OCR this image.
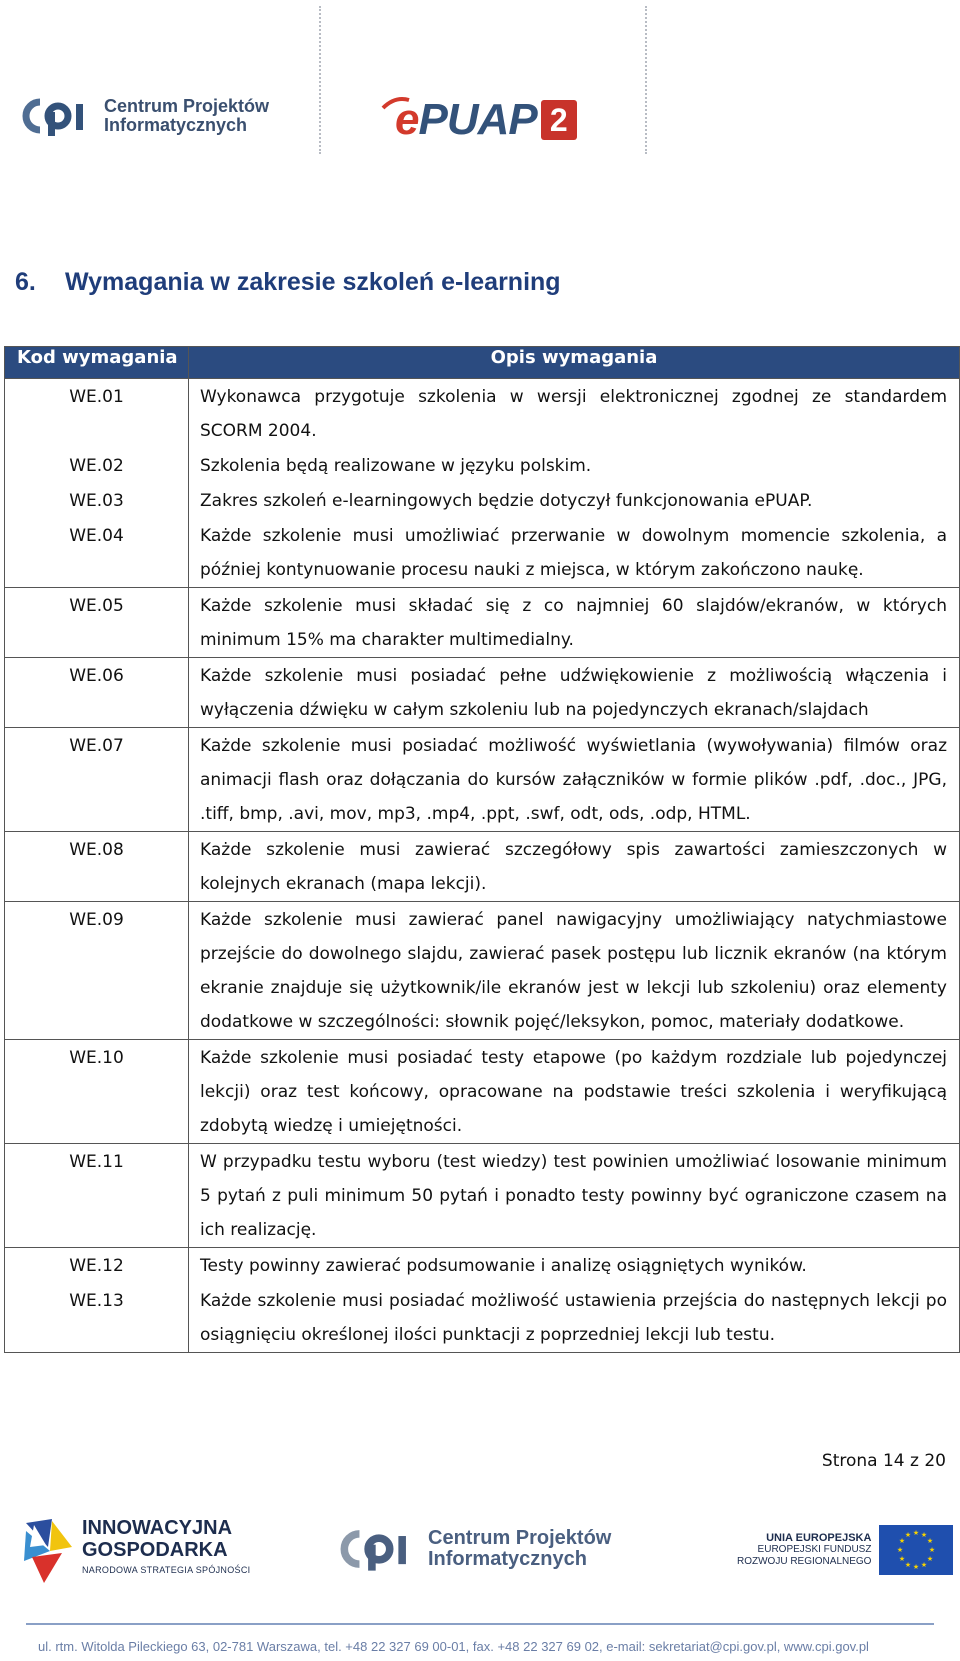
Centrum Projektów
Informatycznych	ePUAP 2
6. Wymagania w zakresie szkoleń e-learning
Kod wymagania	Opis wymagania
WE.01	Wykonawca przygotuje szkolenia w wersji elektronicznej zgodnej ze standardem SCORM 2004.
WE.02	Szkolenia będą realizowane w języku polskim.
WE.03	Zakres szkoleń e-learningowych będzie dotyczył funkcjonowania ePUAP.
WE.04	Każde szkolenie musi umożliwiać przerwanie w dowolnym momencie szkolenia, a później kontynuowanie procesu nauki z miejsca, w którym zakończono naukę.
WE.05	Każde szkolenie musi składać się z co najmniej 60 slajdów/ekranów, w których minimum 15% ma charakter multimedialny.
WE.06	Każde szkolenie musi posiadać pełne udźwiękowienie z możliwością włączenia i wyłączenia dźwięku w całym szkoleniu lub na pojedynczych ekranach/slajdach
WE.07	Każde szkolenie musi posiadać możliwość wyświetlania (wywoływania) filmów oraz animacji flash oraz dołączania do kursów załączników w formie plików .pdf, .doc., JPG, .tiff, bmp, .avi, mov, mp3, .mp4, .ppt, .swf, odt, ods, .odp, HTML.
WE.08	Każde szkolenie musi zawierać szczegółowy spis zawartości zamieszczonych w kolejnych ekranach (mapa lekcji).
WE.09	Każde szkolenie musi zawierać panel nawigacyjny umożliwiający natychmiastowe przejście do dowolnego slajdu, zawierać pasek postępu lub licznik ekranów (na którym ekranie znajduje się użytkownik/ile ekranów jest w lekcji lub szkoleniu) oraz elementy dodatkowe w szczególności: słownik pojęć/leksykon, pomoc, materiały dodatkowe.
WE.10	Każde szkolenie musi posiadać testy etapowe (po każdym rozdziale lub pojedynczej lekcji) oraz test końcowy, opracowane na podstawie treści szkolenia i weryfikującą zdobytą wiedzę i umiejętności.
WE.11	W przypadku testu wyboru (test wiedzy) test powinien umożliwiać losowanie minimum 5 pytań z puli minimum 50 pytań i ponadto testy powinny być ograniczone czasem na ich realizację.
WE.12	Testy powinny zawierać podsumowanie i analizę osiągniętych wyników.
WE.13	Każde szkolenie musi posiadać możliwość ustawienia przejścia do następnych lekcji po osiągnięciu określonej ilości punktacji z poprzedniej lekcji lub testu.
Strona 14 z 20
INNOWACYJNA
GOSPODARKA
NARODOWA STRATEGIA SPÓJNOŚCI
Centrum Projektów
Informatycznych
UNIA EUROPEJSKA
EUROPEJSKI FUNDUSZ
ROZWOJU REGIONALNEGO
★ ★
★
★
★
★
★
★
★
★
★
★
ul. rtm. Witolda Pileckiego 63, 02-781 Warszawa, tel. +48 22 327 69 00-01, fax. +48 22 327 69 02, e-mail: sekretariat@cpi.gov.pl, www.cpi.gov.pl
